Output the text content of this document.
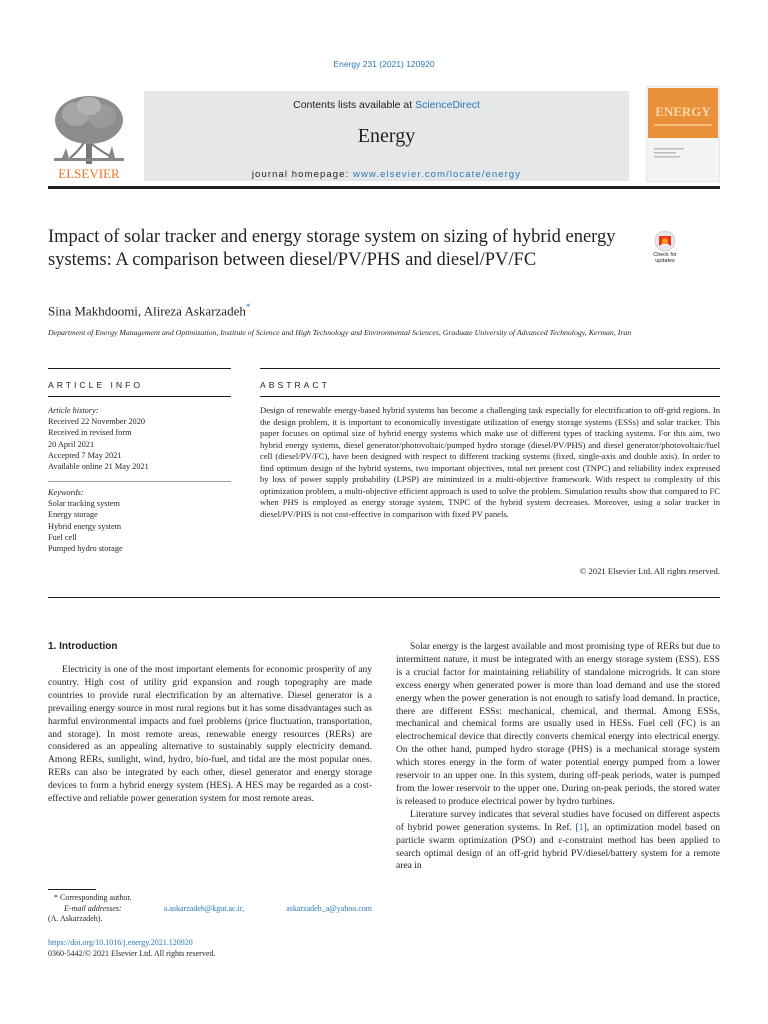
Energy 231 (2021) 120920
ELSEVIER
Contents lists available at ScienceDirect
Energy
journal homepage: www.elsevier.com/locate/energy
ENERGY
Impact of solar tracker and energy storage system on sizing of hybrid energy systems: A comparison between diesel/PV/PHS and diesel/PV/FC	Check for
updates
Sina Makhdoomi, Alireza Askarzadeh*
Department of Energy Management and Optimization, Institute of Science and High Technology and Environmental Sciences, Graduate University of Advanced Technology, Kerman, Iran
ARTICLE INFO	ABSTRACT
Article history:
Received 22 November 2020
Received in revised form
20 April 2021
Accepted 7 May 2021
Available online 21 May 2021
Keywords:
Solar tracking system
Energy storage
Hybrid energy system
Fuel cell
Pumped hydro storage
Design of renewable energy-based hybrid systems has become a challenging task especially for electrification to off-grid regions. In the design problem, it is important to economically investigate utilization of energy storage systems (ESSs) and solar tracker. This paper focuses on optimal size of hybrid energy systems which make use of different types of tracking systems. For this aim, two hybrid energy systems, diesel generator/photovoltaic/pumped hydro storage (diesel/PV/PHS) and diesel generator/photovoltaic/fuel cell (diesel/PV/FC), have been designed with respect to different tracking systems (fixed, single-axis and double axis). In order to find optimum design of the hybrid systems, two important objectives, total net present cost (TNPC) and reliability index expressed by loss of power supply probability (LPSP) are minimized in a multi-objective framework. With respect to complexity of this optimization problem, a multi-objective efficient approach is used to solve the problem. Simulation results show that compared to FC when PHS is employed as energy storage system, TNPC of the hybrid system decreases. Moreover, using a solar tracker in diesel/PV/PHS is not cost-effective in comparison with fixed PV panels.
© 2021 Elsevier Ltd. All rights reserved.
1. Introduction

Electricity is one of the most important elements for economic prosperity of any country. High cost of utility grid expansion and rough topography are made countries to provide rural electrification by an alternative. Diesel generator is a prevailing energy source in most rural regions but it has some disadvantages such as harmful environmental impacts and fuel problems (price fluctuation, transportation, and storage). In most remote areas, renewable energy resources (RERs) are considered as an appealing alternative to sustainably supply electricity demand. Among RERs, sunlight, wind, hydro, bio-fuel, and tidal are the most popular ones. RERs can also be integrated by each other, diesel generator and energy storage devices to form a hybrid energy system (HES). A HES may be regarded as a cost-effective and reliable power generation system for most remote areas.

Solar energy is the largest available and most promising type of RERs but due to intermittent nature, it must be integrated with an energy storage system (ESS). ESS is a crucial factor for maintaining reliability of standalone microgrids. It can store excess energy when generated power is more than load demand and use the stored energy when the power generation is not enough to satisfy load demand. In practice, there are different ESSs: mechanical, chemical, and thermal. Among ESSs, mechanical and chemical forms are usually used in HESs. Fuel cell (FC) is an electrochemical device that directly converts chemical energy into electrical energy. On the other hand, pumped hydro storage (PHS) is a mechanical storage system which stores energy in the form of water potential energy pumped from a lower reservoir to an upper one. In this system, during off-peak periods, water is pumped from the lower reservoir to the upper one. During on-peak periods, the stored water is released to produce electrical power by hydro turbines.

Literature survey indicates that several studies have focused on different aspects of hybrid power generation systems. In Ref. [1], an optimization model based on particle swarm optimization (PSO) and ε-constraint method has been applied to search optimal design of an off-grid hybrid PV/diesel/battery system for a remote area in

* Corresponding author.
E-mail addresses:	a.askarzadeh@kgut.ac.ir,	askarzadeh_a@yahoo.com
(A. Askarzadeh).
https://doi.org/10.1016/j.energy.2021.120920
0360-5442/© 2021 Elsevier Ltd. All rights reserved.
